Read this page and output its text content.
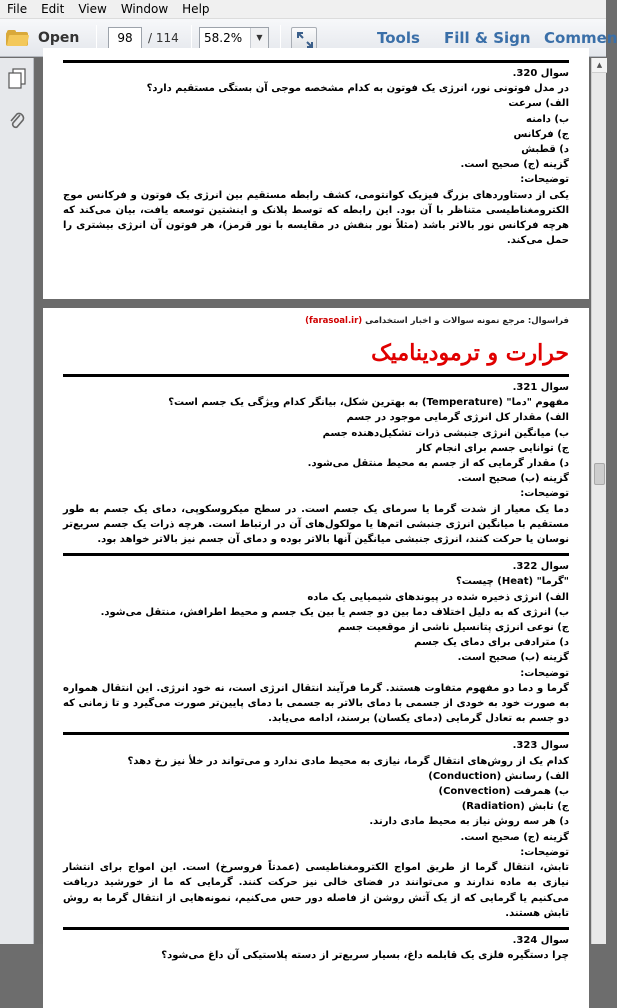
File	Edit	View	Window	Help
Open	98	/ 114 58.2%	▼	Tools Fill & Sign Commen
سوال 320.
در مدل فوتونی نور، انرژی یک فوتون به کدام مشخصه موجی آن بستگی مستقیم دارد؟
الف) سرعت
ب) دامنه
ج) فرکانس
د) قطبش
گزینه (ج) صحیح است.
توضیحات:
یکی از دستاوردهای بزرگ فیزیک کوانتومی، کشف رابطه مستقیم بین انرژی یک فوتون و فرکانس موج الکترومغناطیسی متناظر با آن بود. این رابطه که توسط پلانک و اینشتین توسعه یافت، بیان می‌کند که هرچه فرکانس نور بالاتر باشد (مثلاً نور بنفش در مقایسه با نور قرمز)، هر فوتون آن انرژی بیشتری را حمل می‌کند.
فراسوال: مرجع نمونه سوالات و اخبار استخدامی (farasoal.ir)
حرارت و ترمودینامیک
سوال 321.
مفهوم "دما" (Temperature) به بهترین شکل، بیانگر کدام ویژگی یک جسم است؟
الف) مقدار کل انرژی گرمایی موجود در جسم
ب) میانگین انرژی جنبشی ذرات تشکیل‌دهنده جسم
ج) توانایی جسم برای انجام کار
د) مقدار گرمایی که از جسم به محیط منتقل می‌شود.
گزینه (ب) صحیح است.
توضیحات:
دما یک معیار از شدت گرما یا سرمای یک جسم است. در سطح میکروسکوپی، دمای یک جسم به طور مستقیم با میانگین انرژی جنبشی اتم‌ها یا مولکول‌های آن در ارتباط است. هرچه ذرات یک جسم سریع‌تر نوسان یا حرکت کنند، انرژی جنبشی میانگین آنها بالاتر بوده و دمای آن جسم نیز بالاتر خواهد بود.
سوال 322.
"گرما" (Heat) چیست؟
الف) انرژی ذخیره شده در پیوندهای شیمیایی یک ماده
ب) انرژی که به دلیل اختلاف دما بین دو جسم یا بین یک جسم و محیط اطرافش، منتقل می‌شود.
ج) نوعی انرژی پتانسیل ناشی از موقعیت جسم
د) مترادفی برای دمای یک جسم
گزینه (ب) صحیح است.
توضیحات:
گرما و دما دو مفهوم متفاوت هستند. گرما فرآیند انتقال انرژی است، نه خود انرژی. این انتقال همواره به صورت خود به خودی از جسمی با دمای بالاتر به جسمی با دمای پایین‌تر صورت می‌گیرد و تا زمانی که دو جسم به تعادل گرمایی (دمای یکسان) برسند، ادامه می‌یابد.
سوال 323.
کدام یک از روش‌های انتقال گرما، نیازی به محیط مادی ندارد و می‌تواند در خلأ نیز رخ دهد؟
الف) رسانش (Conduction)
ب) همرفت (Convection)
ج) تابش (Radiation)
د) هر سه روش نیاز به محیط مادی دارند.
گزینه (ج) صحیح است.
توضیحات:
تابش، انتقال گرما از طریق امواج الکترومغناطیسی (عمدتاً فروسرخ) است. این امواج برای انتشار نیازی به ماده ندارند و می‌توانند در فضای خالی نیز حرکت کنند. گرمایی که ما از خورشید دریافت می‌کنیم یا گرمایی که از یک آتش روشن از فاصله دور حس می‌کنیم، نمونه‌هایی از انتقال گرما به روش تابش هستند.
سوال 324.
چرا دستگیره فلزی یک قابلمه داغ، بسیار سریع‌تر از دسته پلاستیکی آن داغ می‌شود؟
▲
